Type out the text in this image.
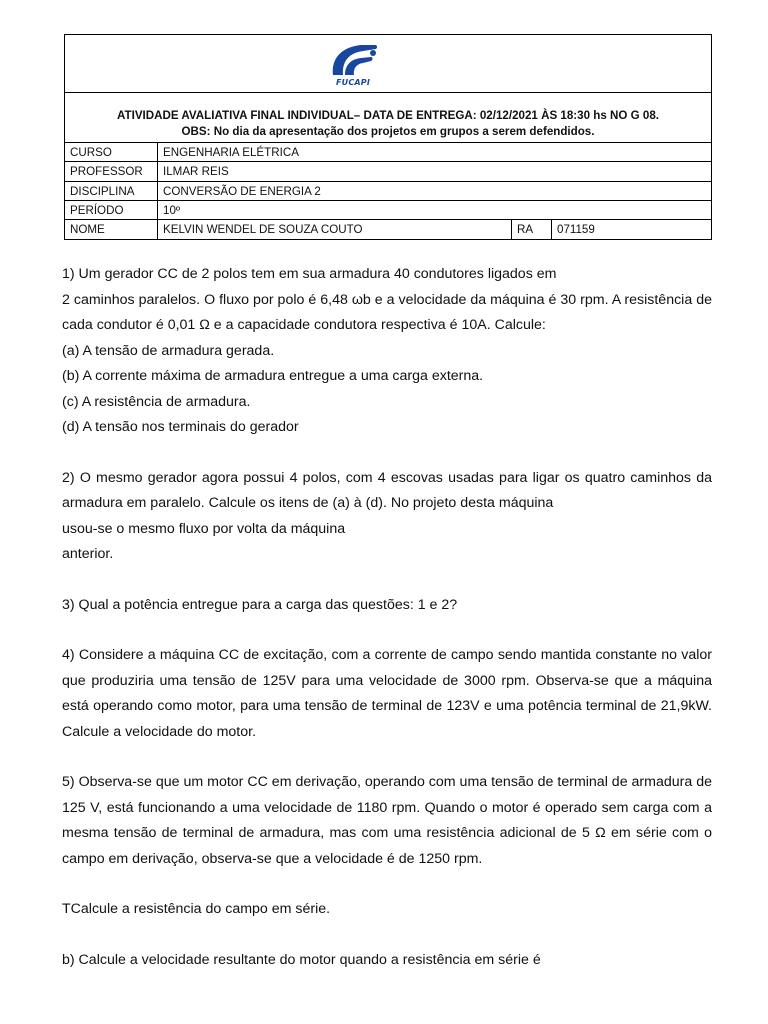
FUCAPI
ATIVIDADE AVALIATIVA FINAL INDIVIDUAL– DATA DE ENTREGA: 02/12/2021 ÀS 18:30 hs NO G 08.
OBS: No dia da apresentação dos projetos em grupos a serem defendidos.
CURSO	ENGENHARIA ELÉTRICA
PROFESSOR	ILMAR REIS
DISCIPLINA	CONVERSÃO DE ENERGIA 2
PERÍODO	10º
NOME	KELVIN WENDEL DE SOUZA COUTO	RA	071159

1) Um gerador CC de 2 polos tem em sua armadura 40 condutores ligados em

2 caminhos paralelos. O fluxo por polo é 6,48 ωb e a velocidade da máquina é 30 rpm. A resistência de cada condutor é 0,01 Ω e a capacidade condutora respectiva é 10A. Calcule:

(a) A tensão de armadura gerada.

(b) A corrente máxima de armadura entregue a uma carga externa.

(c) A resistência de armadura.

(d) A tensão nos terminais do gerador

2) O mesmo gerador agora possui 4 polos, com 4 escovas usadas para ligar os quatro caminhos da armadura em paralelo. Calcule os itens de (a) à (d). No projeto desta máquina

usou-se o mesmo fluxo por volta da máquina

anterior.

3) Qual a potência entregue para a carga das questões: 1 e 2?

4) Considere a máquina CC de excitação, com a corrente de campo sendo mantida constante no valor que produziria uma tensão de 125V para uma velocidade de 3000 rpm. Observa-se que a máquina está operando como motor, para uma tensão de terminal de 123V e uma potência terminal de 21,9kW. Calcule a velocidade do motor.

5) Observa-se que um motor CC em derivação, operando com uma tensão de terminal de armadura de 125 V, está funcionando a uma velocidade de 1180 rpm. Quando o motor é operado sem carga com a mesma tensão de terminal de armadura, mas com uma resistência adicional de 5 Ω em série com o campo em derivação, observa-se que a velocidade é de 1250 rpm.

TCalcule a resistência do campo em série.

b) Calcule a velocidade resultante do motor quando a resistência em série é
